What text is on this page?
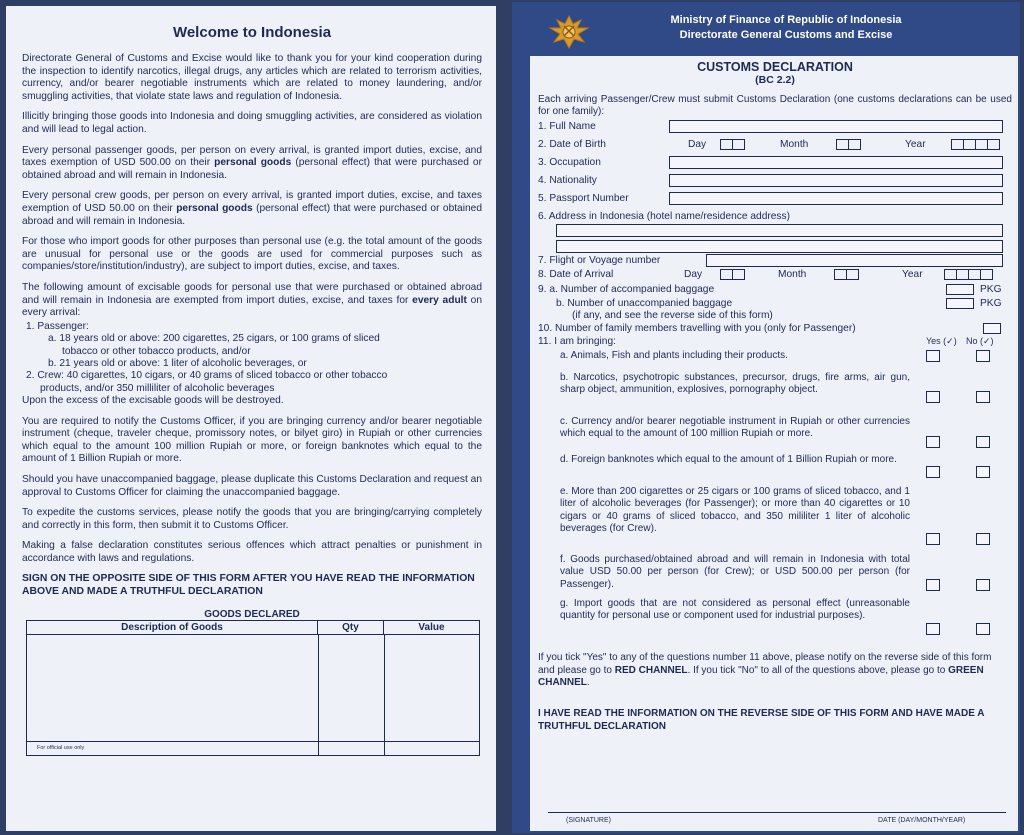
Welcome to Indonesia

Directorate General of Customs and Excise would like to thank you for your kind cooperation during the inspection to identify narcotics, illegal drugs, any articles which are related to terrorism activities, currency, and/or bearer negotiable instruments which are related to money laundering, and/or smuggling activities, that violate state laws and regulation of Indonesia.

Illicitly bringing those goods into Indonesia and doing smuggling activities, are considered as violation and will lead to legal action.

Every personal passenger goods, per person on every arrival, is granted import duties, excise, and taxes exemption of USD 500.00 on their personal goods (personal effect) that were purchased or obtained abroad and will remain in Indonesia.

Every personal crew goods, per person on every arrival, is granted import duties, excise, and taxes exemption of USD 50.00 on their personal goods (personal effect) that were purchased or obtained abroad and will remain in Indonesia.

For those who import goods for other purposes than personal use (e.g. the total amount of the goods are unusual for personal use or the goods are used for commercial purposes such as companies/store/institution/industry), are subject to import duties, excise, and taxes.

The following amount of excisable goods for personal use that were purchased or obtained abroad and will remain in Indonesia are exempted from import duties, excise, and taxes for every adult on every arrival:

1. Passenger:
a. 18 years old or above: 200 cigarettes, 25 cigars, or 100 grams of sliced
tobacco or other tobacco products, and/or
b. 21 years old or above: 1 liter of alcoholic beverages, or
2. Crew: 40 cigarettes, 10 cigars, or 40 grams of sliced tobacco or other tobacco
products, and/or 350 milliliter of alcoholic beverages
Upon the excess of the excisable goods will be destroyed.

You are required to notify the Customs Officer, if you are bringing currency and/or bearer negotiable instrument (cheque, traveler cheque, promissory notes, or bilyet giro) in Rupiah or other currencies which equal to the amount 100 million Rupiah or more, or foreign banknotes which equal to the amount of 1 Billion Rupiah or more.

Should you have unaccompanied baggage, please duplicate this Customs Declaration and request an approval to Customs Officer for claiming the unaccompanied baggage.

To expedite the customs services, please notify the goods that you are bringing/carrying completely and correctly in this form, then submit it to Customs Officer.

Making a false declaration constitutes serious offences which attract penalties or punishment in accordance with laws and regulations.

SIGN ON THE OPPOSITE SIDE OF THIS FORM AFTER YOU HAVE READ THE INFORMATION ABOVE AND MADE A TRUTHFUL DECLARATION
GOODS DECLARED
Description of Goods	Qty	Value
For official use only
Ministry of Finance of Republic of Indonesia
Directorate General Customs and Excise
CUSTOMS DECLARATION
(BC 2.2)
Each arriving Passenger/Crew must submit Customs Declaration (one customs declarations can be used for one family):
1. Full Name
2. Date of Birth	Day	Month	Year
3. Occupation
4. Nationality
5. Passport Number
6. Address in Indonesia (hotel name/residence address)
7. Flight or Voyage number
8. Date of Arrival	Day	Month	Year
9. a. Number of accompanied baggage	PKG
b. Number of unaccompanied baggage	PKG
(if any, and see the reverse side of this form)
10. Number of family members travelling with you (only for Passenger)
11. I am bringing:	Yes (✓) No (✓)
a. Animals, Fish and plants including their products.
b. Narcotics, psychotropic substances, precursor, drugs, fire arms, air gun, sharp object, ammunition, explosives, pornography object.
c. Currency and/or bearer negotiable instrument in Rupiah or other currencies which equal to the amount of 100 million Rupiah or more.
d. Foreign banknotes which equal to the amount of 1 Billion Rupiah or more.
e. More than 200 cigarettes or 25 cigars or 100 grams of sliced tobacco, and 1 liter of alcoholic beverages (for Passenger); or more than 40 cigarettes or 10 cigars or 40 grams of sliced tobacco, and 350 mililiter 1 liter of alcoholic beverages (for Crew).
f. Goods purchased/obtained abroad and will remain in Indonesia with total value USD 50.00 per person (for Crew); or USD 500.00 per person (for Passenger).
g. Import goods that are not considered as personal effect (unreasonable quantity for personal use or component used for industrial purposes).
If you tick "Yes" to any of the questions number 11 above, please notify on the reverse side of this form and please go to RED CHANNEL. If you tick "No" to all of the questions above, please go to GREEN CHANNEL.
I HAVE READ THE INFORMATION ON THE REVERSE SIDE OF THIS FORM AND HAVE MADE A TRUTHFUL DECLARATION
(SIGNATURE)	DATE (DAY/MONTH/YEAR)
